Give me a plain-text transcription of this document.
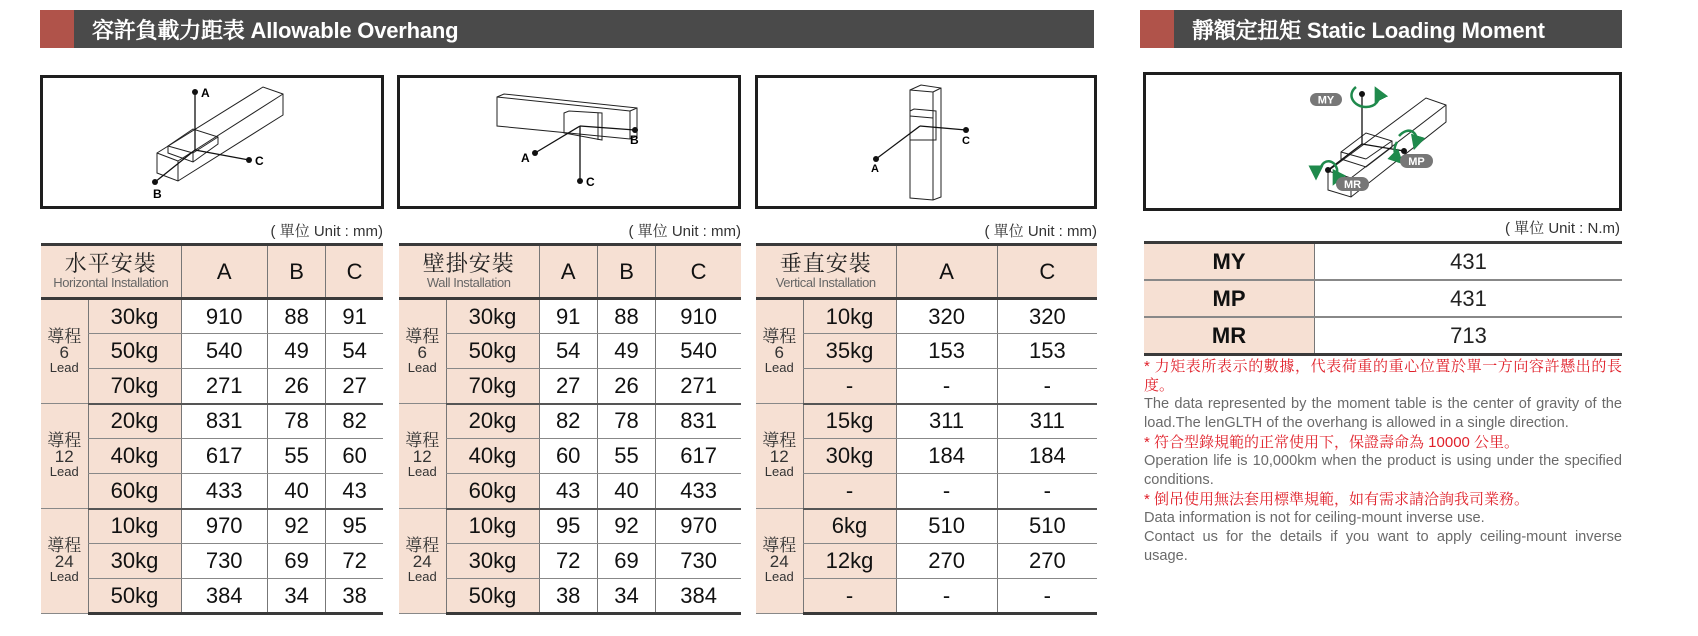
容許負載力距表 Allowable Overhang	靜額定扭矩 Static Loading Moment
A
B
C	A
B
C
A
C
MY
MP
MR
( 單位 Unit : mm)	( 單位 Unit : mm)	( 單位 Unit : mm)	( 單位 Unit : N.m)
水平安裝
Horizontal Installation		A	B	C
導程
6
Lead	30kg	910	88	91
	50kg	540	49	54
	70kg	271	26	27
導程
12
Lead	20kg	831	78	82
	40kg	617	55	60
	60kg	433	40	43
導程
24
Lead	10kg	970	92	95
	30kg	730	69	72
	50kg	384	34	38
壁掛安裝
Wall Installation		A	B	C
導程
6
Lead	30kg	91	88	910
	50kg	54	49	540
	70kg	27	26	271
導程
12
Lead	20kg	82	78	831
	40kg	60	55	617
	60kg	43	40	433
導程
24
Lead	10kg	95	92	970
	30kg	72	69	730
	50kg	38	34	384
垂直安裝
Vertical Installation		A	C
導程
6
Lead	10kg	320	320
	35kg	153	153
	-	-	-
導程
12
Lead	15kg	311	311
	30kg	184	184
	-	-	-
導程
24
Lead	6kg	510	510
	12kg	270	270
	-	-	-
MY	431
MP	431
MR	713
* 力矩表所表示的數據，代表荷重的重心位置於單一方向容許懸出的長度。
The data represented by the moment table is the center of gravity of the load.The lenGLTH of the overhang is allowed in a single direction.
* 符合型錄規範的正常使用下，保證壽命為 10000 公里。
Operation life is 10,000km when the product is using under the specified conditions.
* 倒吊使用無法套用標準規範，如有需求請洽詢我司業務。
Data information is not for ceiling-mount inverse use.
Contact us for the details if you want to apply ceiling-mount inverse usage.
